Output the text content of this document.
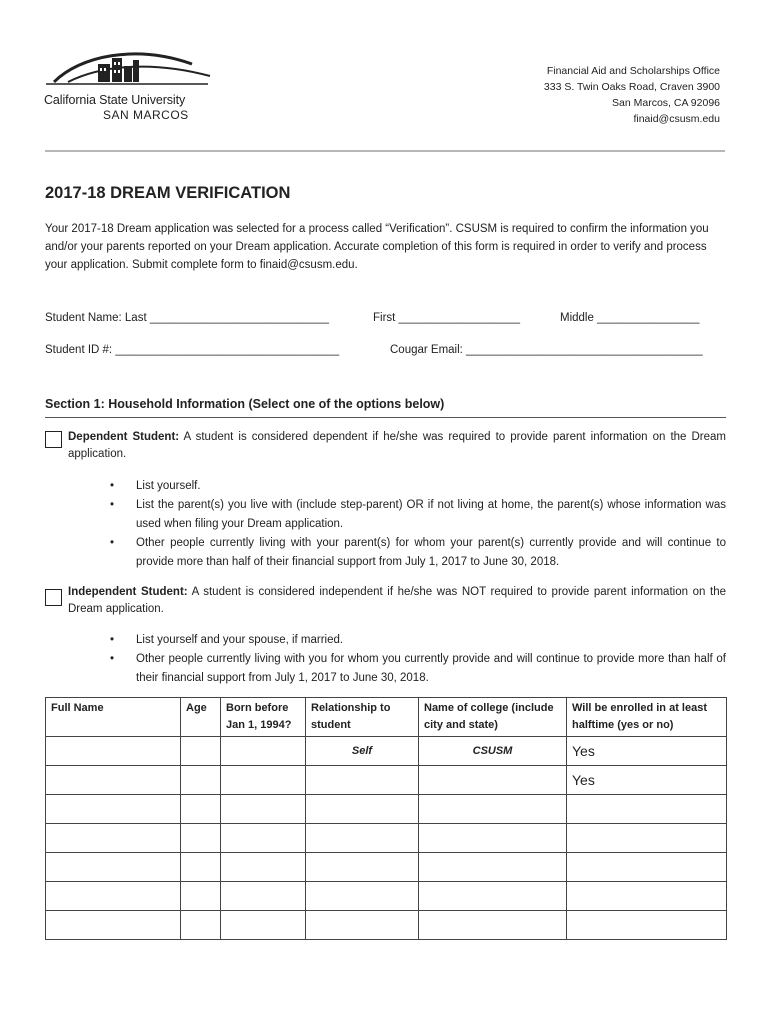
California State University
SAN MARCOS
Financial Aid and Scholarships Office
333 S. Twin Oaks Road, Craven 3900
San Marcos, CA 92096
finaid@csusm.edu
2017-18 DREAM VERIFICATION
Your 2017-18 Dream application was selected for a process called “Verification”. CSUSM is required to confirm the information you and/or your parents reported on your Dream application. Accurate completion of this form is required in order to verify and process your application. Submit complete form to finaid@csusm.edu.
Student Name: Last ____________________________	First ___________________	Middle ________________
Student ID #: ___________________________________	Cougar Email: _____________________________________
Section 1: Household Information (Select one of the options below)
Dependent Student: A student is considered dependent if he/she was required to provide parent information on the Dream application.
• List yourself.
• List the parent(s) you live with (include step-parent) OR if not living at home, the parent(s) whose information was used when filing your Dream application.
• Other people currently living with your parent(s) for whom your parent(s) currently provide and will continue to provide more than half of their financial support from July 1, 2017 to June 30, 2018.
Independent Student: A student is considered independent if he/she was NOT required to provide parent information on the Dream application.
• List yourself and your spouse, if married.
• Other people currently living with you for whom you currently provide and will continue to provide more than half of their financial support from July 1, 2017 to June 30, 2018.
Full Name	Age	Born before Jan 1, 1994?	Relationship to student	Name of college (include city and state)	Will be enrolled in at least halftime (yes or no)
			Self	CSUSM	Yes
					Yes
